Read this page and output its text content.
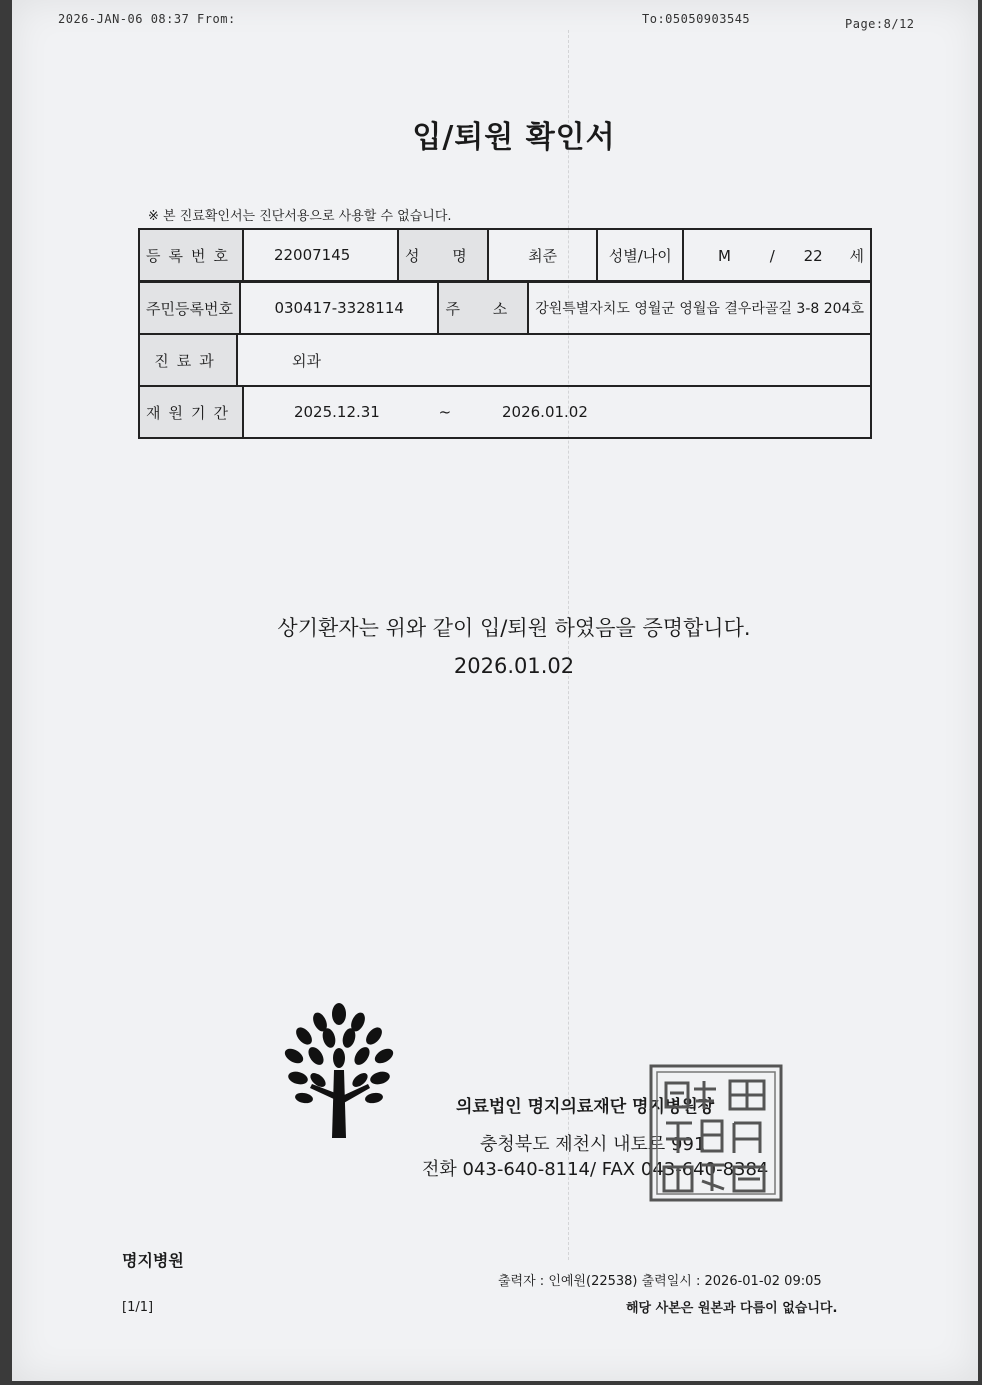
2026-JAN-06 08:37 From:	To:05050903545	Page:8/12
입/퇴원 확인서
※ 본 진료확인서는 진단서용으로 사용할 수 없습니다.
등록번호	22007145	성 명	최준	성별/나이	M	/ 22 세
주민등록번호	030417-3328114	주 소	강원특별자치도 영월군 영월읍 결우라골길 3-8 204호
진료과	외과
재원기간	2025.12.31	~	2026.01.02
상기환자는 위와 같이 입/퇴원 하였음을 증명합니다.
2026.01.02
의료법인 명지의료재단 명지병원장
충청북도 제천시 내토로 991
전화 043-640-8114/ FAX 043-640-8384
명지병원
[1/1]
출력자 : 인예원(22538) 출력일시 : 2026-01-02 09:05
해당 사본은 원본과 다름이 없습니다.
